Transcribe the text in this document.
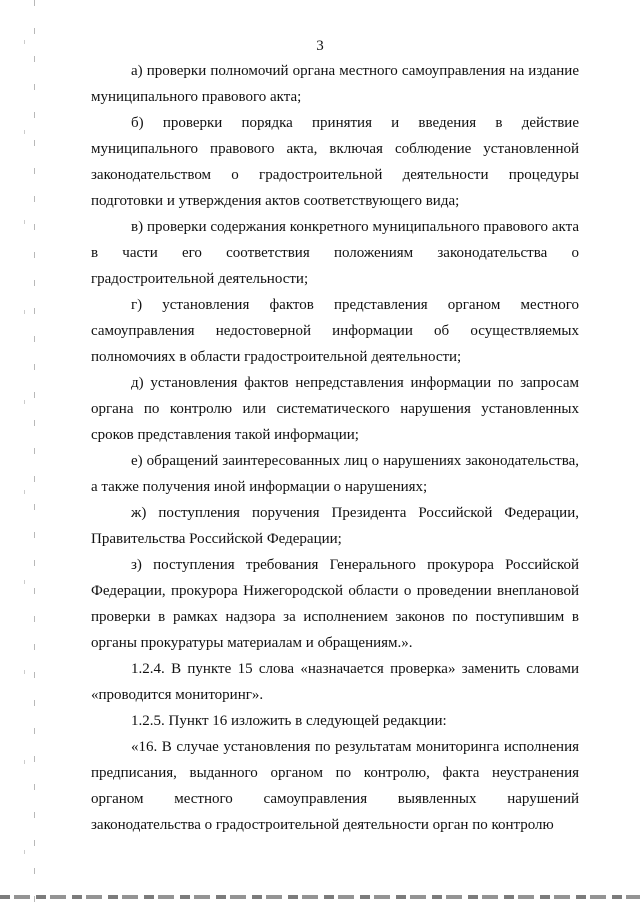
3

а) проверки полномочий органа местного самоуправления на издание муниципального правового акта;

б) проверки порядка принятия и введения в действие муниципального правового акта, включая соблюдение установленной законодательством о градостроительной деятельности процедуры подготовки и утверждения актов соответствующего вида;

в) проверки содержания конкретного муниципального правового акта в части его соответствия положениям законодательства о градостроительной деятельности;

г) установления фактов представления органом местного самоуправления недостоверной информации об осуществляемых полномочиях в области градостроительной деятельности;

д) установления фактов непредставления информации по запросам органа по контролю или систематического нарушения установленных сроков представления такой информации;

е) обращений заинтересованных лиц о нарушениях законодательства, а также получения иной информации о нарушениях;

ж) поступления поручения Президента Российской Федерации, Правительства Российской Федерации;

з) поступления требования Генерального прокурора Российской Федерации, прокурора Нижегородской области о проведении внеплановой проверки в рамках надзора за исполнением законов по поступившим в органы прокуратуры материалам и обращениям.».

1.2.4. В пункте 15 слова «назначается проверка» заменить словами «проводится мониторинг».

1.2.5. Пункт 16 изложить в следующей редакции:

«16. В случае установления по результатам мониторинга исполнения предписания, выданного органом по контролю, факта неустранения органом местного самоуправления выявленных нарушений законодательства о градостроительной деятельности орган по контролю
